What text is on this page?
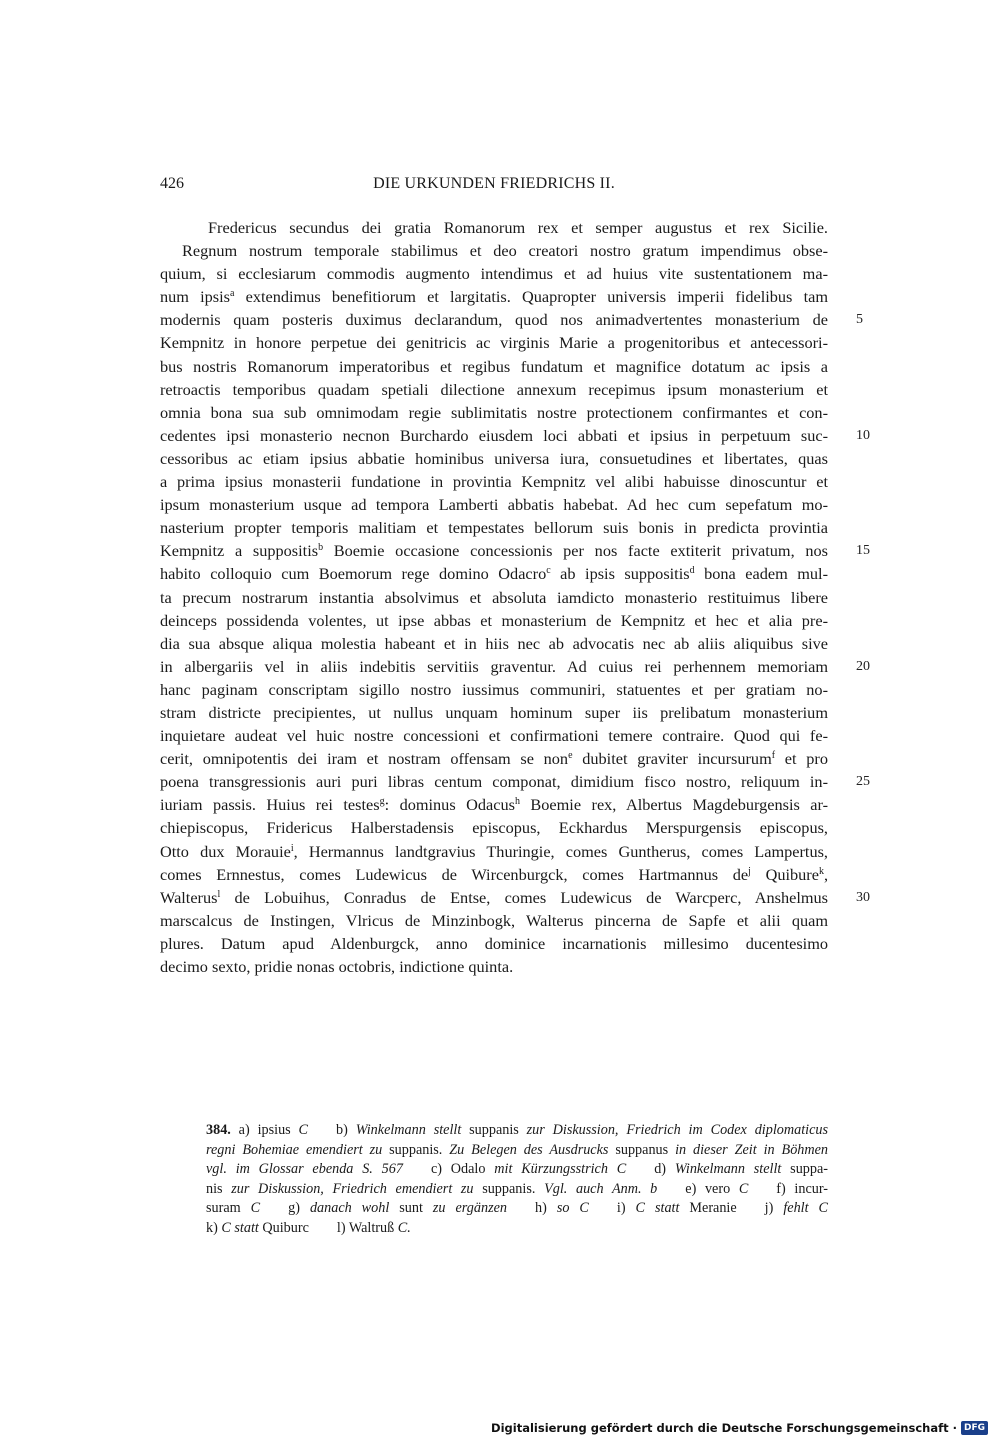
426	DIE URKUNDEN FRIEDRICHS II.
Fredericus secundus dei gratia Romanorum rex et semper augustus et rex Sicilie.
Regnum nostrum temporale stabilimus et deo creatori nostro gratum impendimus obse-
quium, si ecclesiarum commodis augmento intendimus et ad huius vite sustentationem ma-
num ipsis$^a$ extendimus benefitiorum et largitatis. Quapropter universis imperii fidelibus tam
modernis quam posteris duximus declarandum, quod nos animadvertentes monasterium de 5
Kempnitz in honore perpetue dei genitricis ac virginis Marie a progenitoribus et antecessori-
bus nostris Romanorum imperatoribus et regibus fundatum et magnifice dotatum ac ipsis a
retroactis temporibus quadam spetiali dilectione annexum recepimus ipsum monasterium et
omnia bona sua sub omnimodam regie sublimitatis nostre protectionem confirmantes et con-
cedentes ipsi monasterio necnon Burchardo eiusdem loci abbati et ipsius in perpetuum suc- 10
cessoribus ac etiam ipsius abbatie hominibus universa iura, consuetudines et libertates, quas
a prima ipsius monasterii fundatione in provintia Kempnitz vel alibi habuisse dinoscuntur et
ipsum monasterium usque ad tempora Lamberti abbatis habebat. Ad hec cum sepefatum mo-
nasterium propter temporis malitiam et tempestates bellorum suis bonis in predicta provintia
Kempnitz a suppositis$^b$ Boemie occasione concessionis per nos facte extiterit privatum, nos 15
habito colloquio cum Boemorum rege domino Odacro$^c$ ab ipsis suppositis$^d$ bona eadem mul-
ta precum nostrarum instantia absolvimus et absoluta iamdicto monasterio restituimus libere
deinceps possidenda volentes, ut ipse abbas et monasterium de Kempnitz et hec et alia pre-
dia sua absque aliqua molestia habeant et in hiis nec ab advocatis nec ab aliis aliquibus sive
in albergariis vel in aliis indebitis servitiis graventur. Ad cuius rei perhennem memoriam 20
hanc paginam conscriptam sigillo nostro iussimus communiri, statuentes et per gratiam no-
stram districte precipientes, ut nullus unquam hominum super iis prelibatum monasterium
inquietare audeat vel huic nostre concessioni et confirmationi temere contraire. Quod qui fe-
cerit, omnipotentis dei iram et nostram offensam se non$^e$ dubitet graviter incursurum$^f$ et pro
poena transgressionis auri puri libras centum componat, dimidium fisco nostro, reliquum in- 25
iuriam passis. Huius rei testes$^g$: dominus Odacus$^h$ Boemie rex, Albertus Magdeburgensis ar-
chiepiscopus, Fridericus Halberstadensis episcopus, Eckhardus Merspurgensis episcopus,
Otto dux Morauie$^i$, Hermannus landtgravius Thuringie, comes Guntherus, comes Lampertus,
comes Ernnestus, comes Ludewicus de Wircenburgck, comes Hartmannus $de^j$ Quibure$^k$,
Walterus$^l$ de Lobuihus, Conradus de Entse, comes Ludewicus de Warcperc, Anshelmus 30
marscalcus de Instingen, Vlricus de Minzinbogk, Walterus pincerna de Sapfe et alii quam
plures. Datum apud Aldenburgck, anno dominice incarnationis millesimo ducentesimo
decimo sexto, pridie nonas octobris, indictione quinta.
384. a) ipsius C b) Winkelmann stellt suppanis zur Diskussion, Friedrich im Codex diplomaticus
regni Bohemiae emendiert zu suppanis. Zu Belegen des Ausdrucks suppanus in dieser Zeit in Böhmen
vgl. im Glossar ebenda S. 567 c) Odalo mit Kürzungsstrich C d) Winkelmann stellt suppa-
nis zur Diskussion, Friedrich emendiert zu suppanis. Vgl. auch Anm. b e) vero C f) incur-
suram C g) danach wohl sunt zu ergänzen h) so C i) C statt Meranie j) fehlt C
k) C statt Quiburc l) Waltruß C.
Digitalisierung gefördert durch die Deutsche Forschungsgemeinschaft · DFG
